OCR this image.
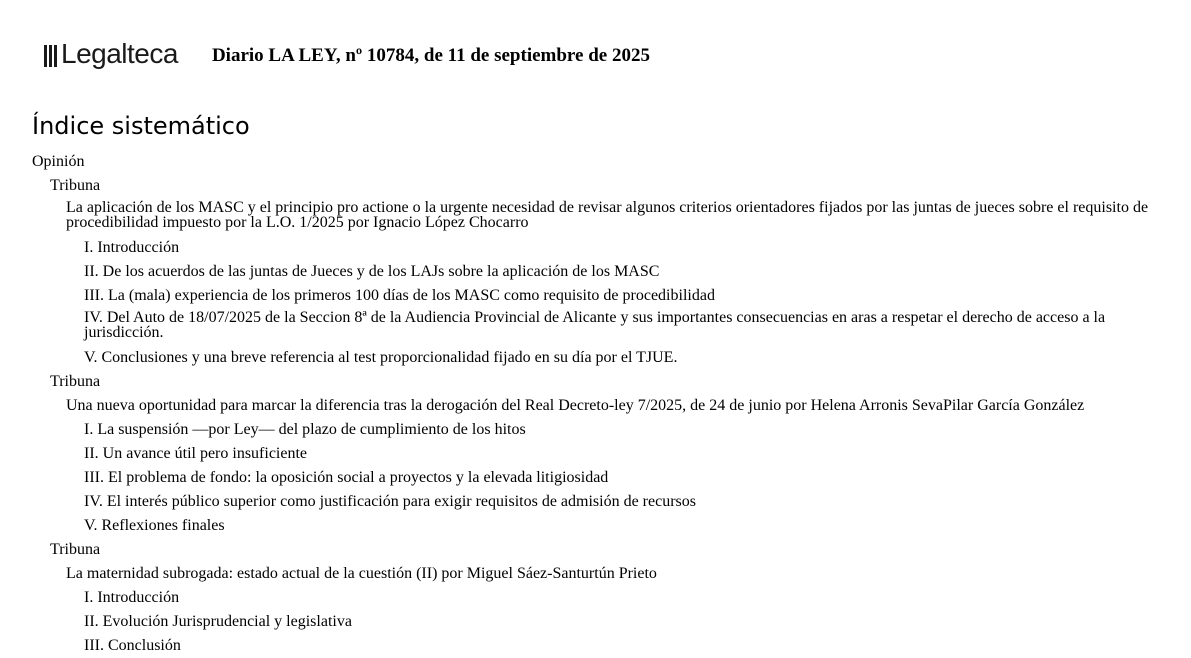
Legalteca Diario LA LEY, nº 10784, de 11 de septiembre de 2025
Índice sistemático
Opinión
Tribuna
La aplicación de los MASC y el principio pro actione o la urgente necesidad de revisar algunos criterios orientadores fijados por las juntas de jueces sobre el requisito de procedibilidad impuesto por la L.O. 1/2025 por Ignacio López Chocarro
I. Introducción
II. De los acuerdos de las juntas de Jueces y de los LAJs sobre la aplicación de los MASC
III. La (mala) experiencia de los primeros 100 días de los MASC como requisito de procedibilidad
IV. Del Auto de 18/07/2025 de la Seccion 8ª de la Audiencia Provincial de Alicante y sus importantes consecuencias en aras a respetar el derecho de acceso a la jurisdicción.
V. Conclusiones y una breve referencia al test proporcionalidad fijado en su día por el TJUE.
Tribuna
Una nueva oportunidad para marcar la diferencia tras la derogación del Real Decreto-ley 7/2025, de 24 de junio por Helena Arronis SevaPilar García González
I. La suspensión —por Ley— del plazo de cumplimiento de los hitos
II. Un avance útil pero insuficiente
III. El problema de fondo: la oposición social a proyectos y la elevada litigiosidad
IV. El interés público superior como justificación para exigir requisitos de admisión de recursos
V. Reflexiones finales
Tribuna
La maternidad subrogada: estado actual de la cuestión (II) por Miguel Sáez-Santurtún Prieto
I. Introducción
II. Evolución Jurisprudencial y legislativa
III. Conclusión
